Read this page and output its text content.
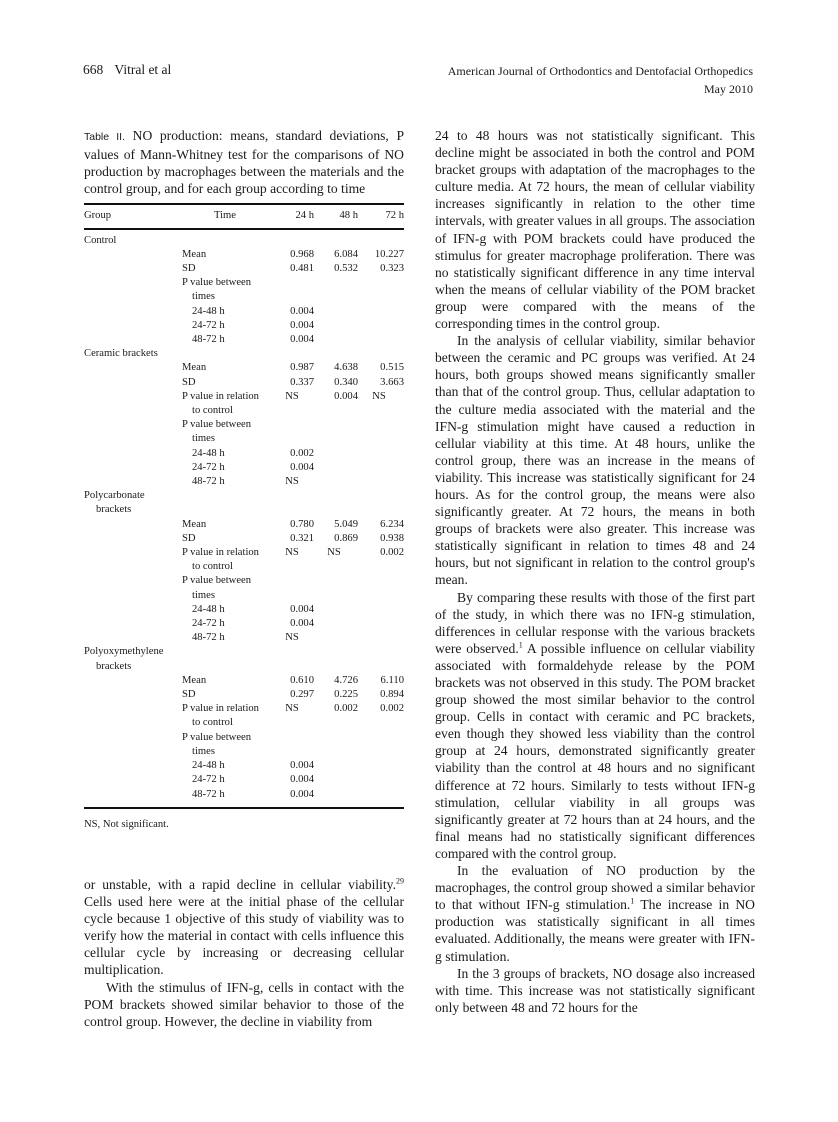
668 Vitral et al	American Journal of Orthodontics and Dentofacial Orthopedics
May 2010

Table II. NO production: means, standard deviations, P values of Mann-Whitney test for the comparisons of NO production by macrophages between the materials and the control group, and for each group according to time

Group	Time	24 h	48 h	72 h
Control				
	Mean	0.968	6.084	10.227
	SD	0.481	0.532	0.323
	P value between
times			

	24-48 h	0.004		
	24-72 h	0.004		
	48-72 h	0.004		
Ceramic brackets				
	Mean	0.987	4.638	0.515
	SD	0.337	0.340	3.663
	P value in relation
to control	NS	0.004	NS
	P value between
times			

	24-48 h	0.002		
	24-72 h	0.004		
	48-72 h	NS		
Polycarbonate
brackets				

	Mean	0.780	5.049	6.234
	SD	0.321	0.869	0.938
	P value in relation
to control	NS	NS	0.002
	P value between
times			

	24-48 h	0.004		
	24-72 h	0.004		
	48-72 h	NS		
Polyoxymethylene
brackets				

	Mean	0.610	4.726	6.110
	SD	0.297	0.225	0.894
	P value in relation
to control	NS	0.002	0.002
	P value between
times			

	24-48 h	0.004		
	24-72 h	0.004		
	48-72 h	0.004		
NS, Not significant.

or unstable, with a rapid decline in cellular viability.$^{29}$ Cells used here were at the initial phase of the cellular cycle because 1 objective of this study of viability was to verify how the material in contact with cells influence this cellular cycle by increasing or decreasing cellular multiplication.

With the stimulus of IFN-g, cells in contact with the POM brackets showed similar behavior to those of the control group. However, the decline in viability from

24 to 48 hours was not statistically significant. This decline might be associated in both the control and POM bracket groups with adaptation of the macrophages to the culture media. At 72 hours, the mean of cellular viability increases significantly in relation to the other time intervals, with greater values in all groups. The association of IFN-g with POM brackets could have produced the stimulus for greater macrophage proliferation. There was no statistically significant difference in any time interval when the means of cellular viability of the POM bracket group were compared with the means of the corresponding times in the control group.

In the analysis of cellular viability, similar behavior between the ceramic and PC groups was verified. At 24 hours, both groups showed means significantly smaller than that of the control group. Thus, cellular adaptation to the culture media associated with the material and the IFN-g stimulation might have caused a reduction in cellular viability at this time. At 48 hours, unlike the control group, there was an increase in the means of viability. This increase was statistically significant for 24 hours. As for the control group, the means were also significantly greater. At 72 hours, the means in both groups of brackets were also greater. This increase was statistically significant in relation to times 48 and 24 hours, but not significant in relation to the control group's mean.

By comparing these results with those of the first part of the study, in which there was no IFN-g stimulation, differences in cellular response with the various brackets were observed.$^1$ A possible influence on cellular viability associated with formaldehyde release by the POM brackets was not observed in this study. The POM bracket group showed the most similar behavior to the control group. Cells in contact with ceramic and PC brackets, even though they showed less viability than the control group at 24 hours, demonstrated significantly greater viability than the control at 48 hours and no significant difference at 72 hours. Similarly to tests without IFN-g stimulation, cellular viability in all groups was significantly greater at 72 hours than at 24 hours, and the final means had no statistically significant differences compared with the control group.

In the evaluation of NO production by the macrophages, the control group showed a similar behavior to that without IFN-g stimulation.$^1$ The increase in NO production was statistically significant in all times evaluated. Additionally, the means were greater with IFN-g stimulation.

In the 3 groups of brackets, NO dosage also increased with time. This increase was not statistically significant only between 48 and 72 hours for the
